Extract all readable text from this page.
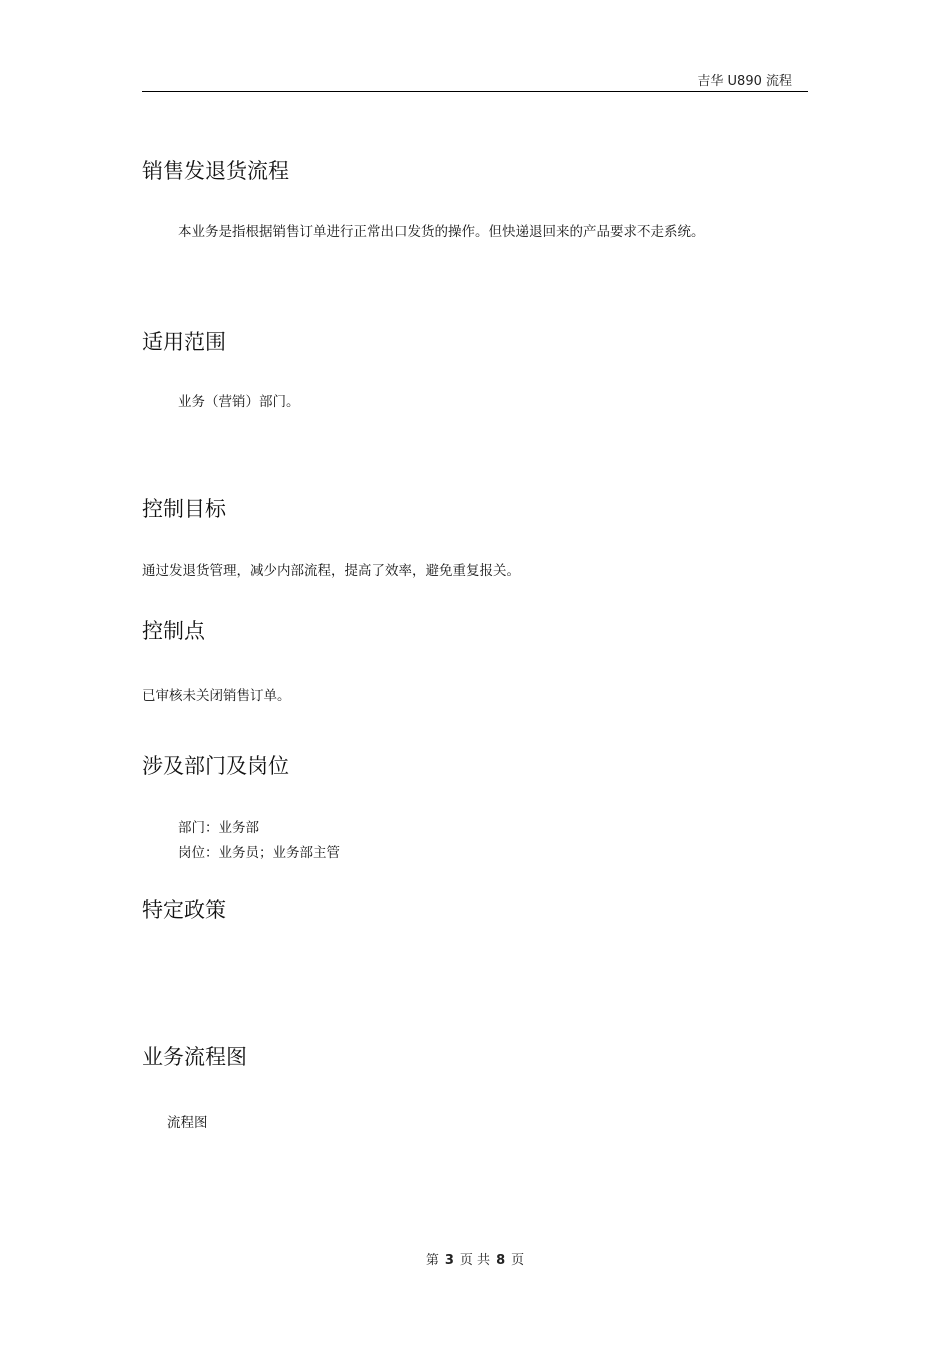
吉华 U890 流程
销售发退货流程
本业务是指根据销售订单进行正常出口发货的操作。但快递退回来的产品要求不走系统。
适用范围
业务（营销）部门。
控制目标
通过发退货管理，减少内部流程，提高了效率，避免重复报关。
控制点
已审核未关闭销售订单。
涉及部门及岗位
部门：业务部
岗位：业务员；业务部主管
特定政策
业务流程图
流程图
第 3 页 共 8 页
